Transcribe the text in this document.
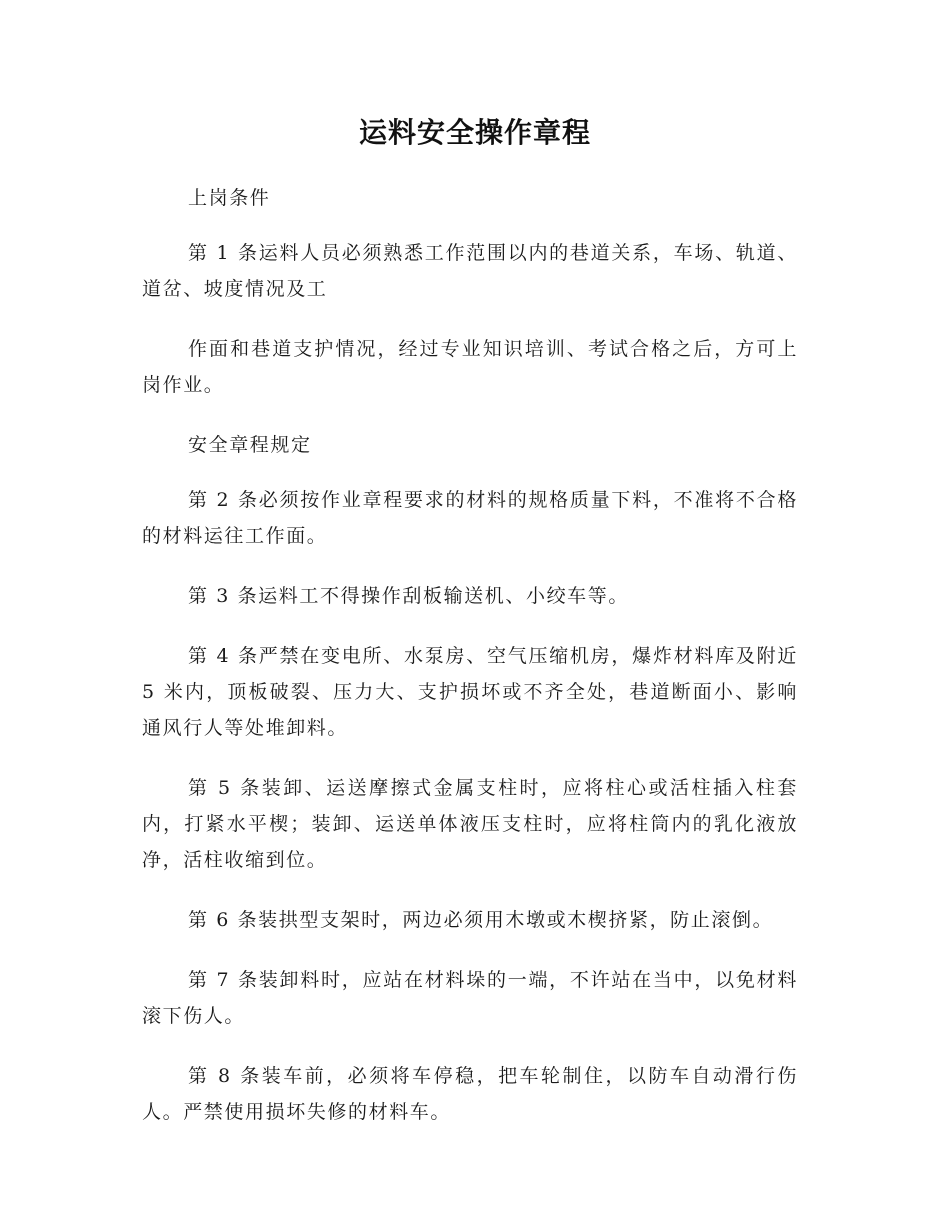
运料安全操作章程

上岗条件

第 1 条运料人员必须熟悉工作范围以内的巷道关系，车场、轨道、道岔、坡度情况及工

作面和巷道支护情况，经过专业知识培训、考试合格之后，方可上岗作业。

安全章程规定

第 2 条必须按作业章程要求的材料的规格质量下料，不准将不合格的材料运往工作面。

第 3 条运料工不得操作刮板输送机、小绞车等。

第 4 条严禁在变电所、水泵房、空气压缩机房，爆炸材料库及附近 5 米内，顶板破裂、压力大、支护损坏或不齐全处，巷道断面小、影响通风行人等处堆卸料。

第 5 条装卸、运送摩擦式金属支柱时，应将柱心或活柱插入柱套内，打紧水平楔；装卸、运送单体液压支柱时，应将柱筒内的乳化液放净，活柱收缩到位。

第 6 条装拱型支架时，两边必须用木墩或木楔挤紧，防止滚倒。

第 7 条装卸料时，应站在材料垛的一端，不许站在当中，以免材料滚下伤人。

第 8 条装车前，必须将车停稳，把车轮制住，以防车自动滑行伤人。严禁使用损坏失修的材料车。
